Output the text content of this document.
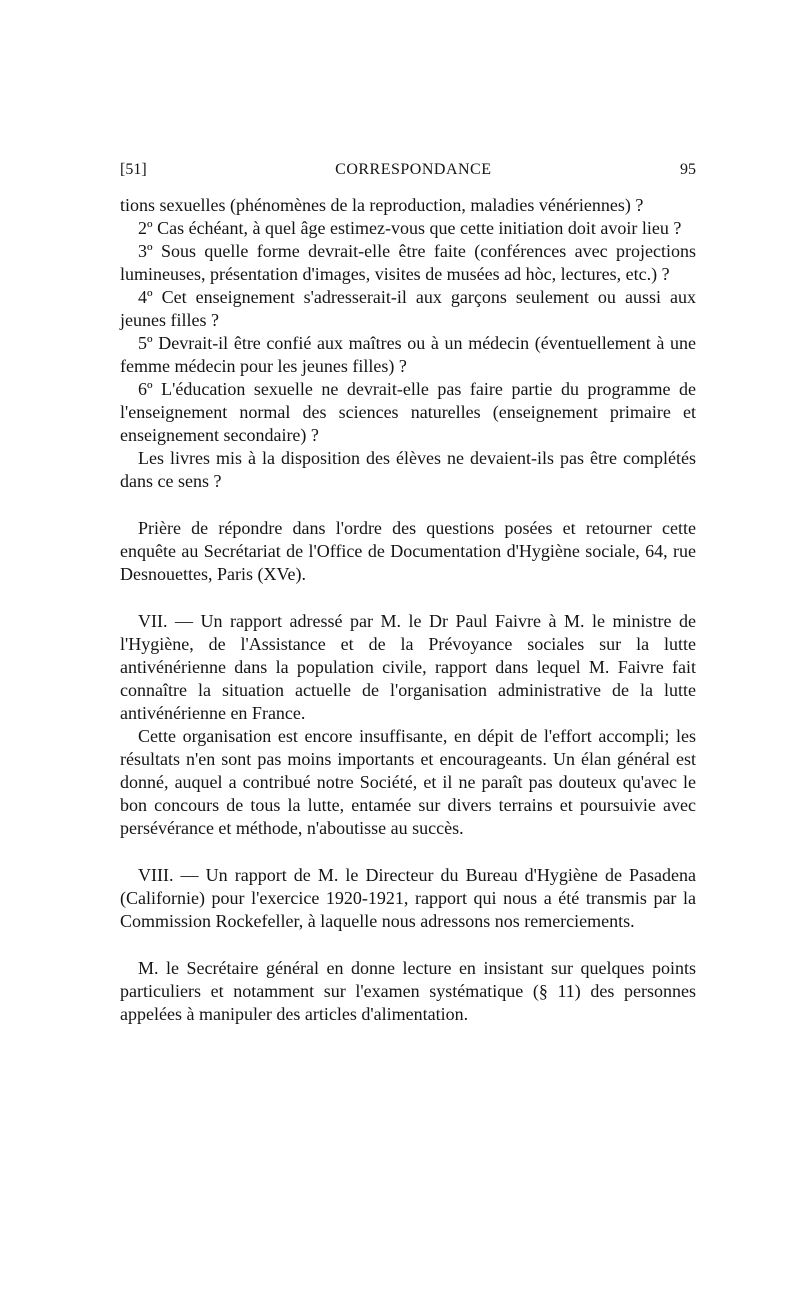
[51]	CORRESPONDANCE	95

tions sexuelles (phénomènes de la reproduction, maladies vénériennes) ?

2º Cas échéant, à quel âge estimez-vous que cette initiation doit avoir lieu ?

3º Sous quelle forme devrait-elle être faite (conférences avec projections lumineuses, présentation d'images, visites de musées ad hòc, lectures, etc.) ?

4º Cet enseignement s'adresserait-il aux garçons seulement ou aussi aux jeunes filles ?

5º Devrait-il être confié aux maîtres ou à un médecin (éventuellement à une femme médecin pour les jeunes filles) ?

6º L'éducation sexuelle ne devrait-elle pas faire partie du programme de l'enseignement normal des sciences naturelles (enseignement primaire et enseignement secondaire) ?

Les livres mis à la disposition des élèves ne devaient-ils pas être complétés dans ce sens ?

Prière de répondre dans l'ordre des questions posées et retourner cette enquête au Secrétariat de l'Office de Documentation d'Hygiène sociale, 64, rue Desnouettes, Paris (XVe).

VII. — Un rapport adressé par M. le Dr Paul Faivre à M. le ministre de l'Hygiène, de l'Assistance et de la Prévoyance sociales sur la lutte antivénérienne dans la population civile, rapport dans lequel M. Faivre fait connaître la situation actuelle de l'organisation administrative de la lutte antivénérienne en France.

Cette organisation est encore insuffisante, en dépit de l'effort accompli; les résultats n'en sont pas moins importants et encourageants. Un élan général est donné, auquel a contribué notre Société, et il ne paraît pas douteux qu'avec le bon concours de tous la lutte, entamée sur divers terrains et poursuivie avec persévérance et méthode, n'aboutisse au succès.

VIII. — Un rapport de M. le Directeur du Bureau d'Hygiène de Pasadena (Californie) pour l'exercice 1920-1921, rapport qui nous a été transmis par la Commission Rockefeller, à laquelle nous adressons nos remerciements.

M. le Secrétaire général en donne lecture en insistant sur quelques points particuliers et notamment sur l'examen systématique (§ 11) des personnes appelées à manipuler des articles d'alimentation.
